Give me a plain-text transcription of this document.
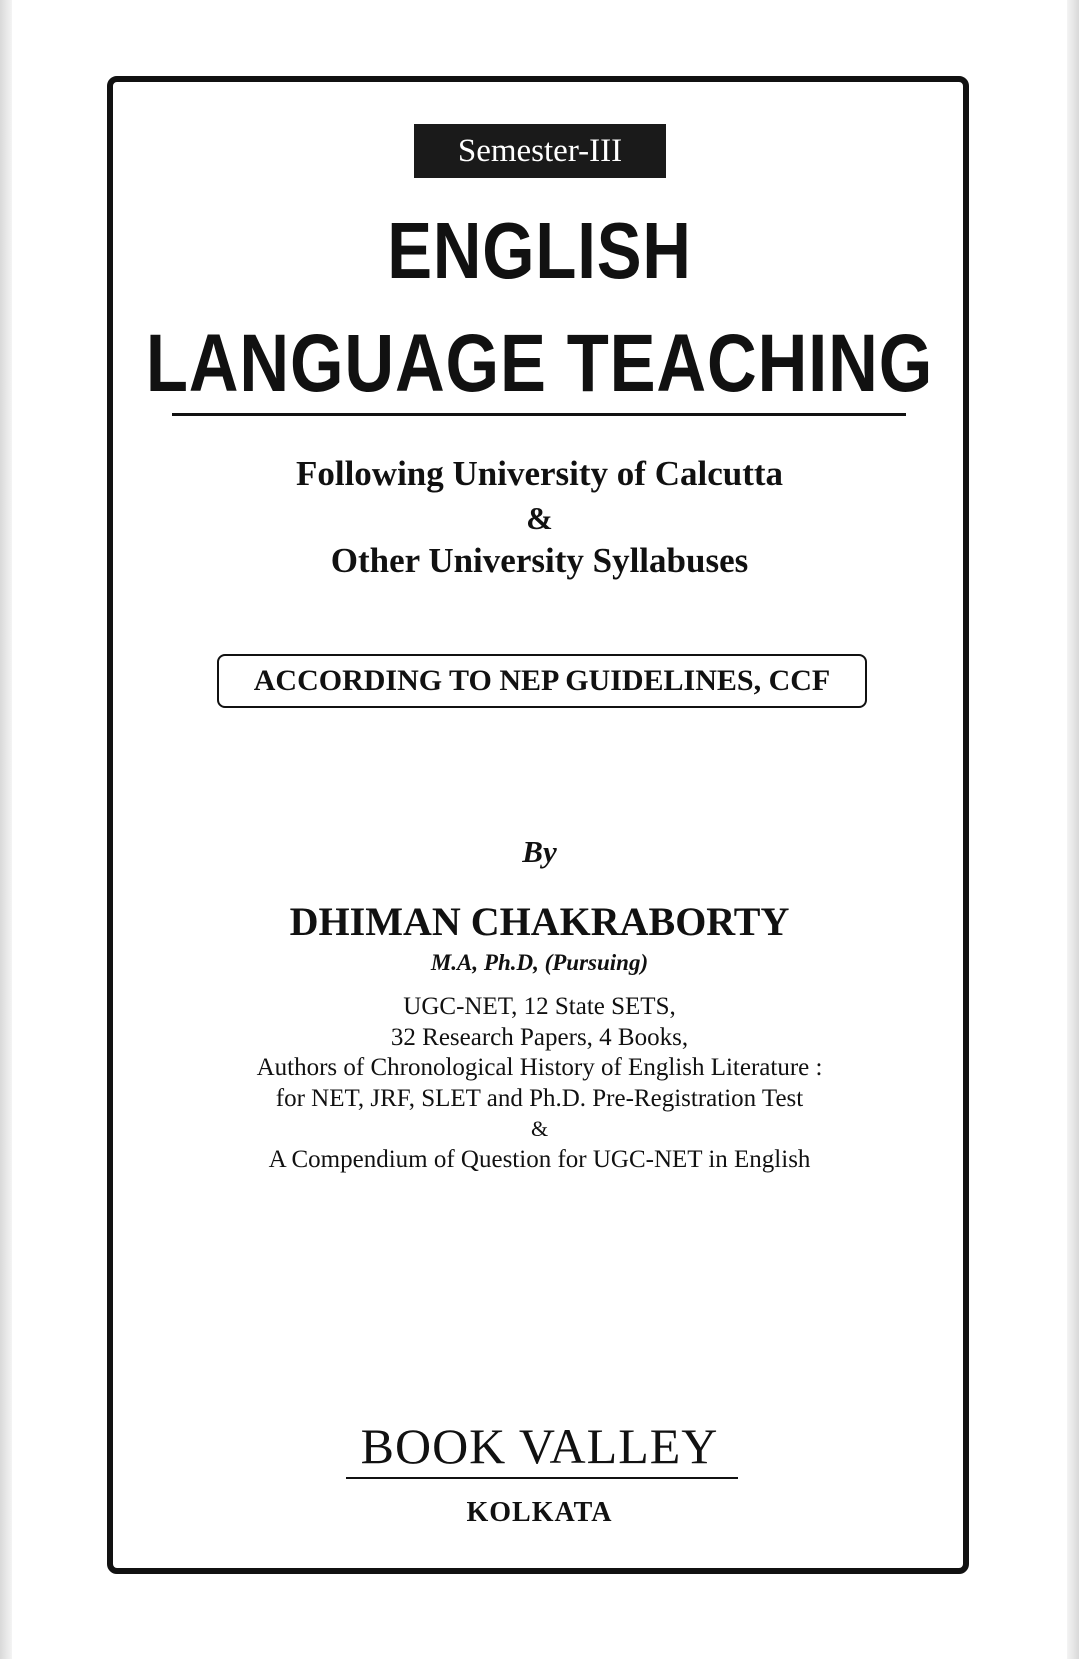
Semester-III
ENGLISH
LANGUAGE TEACHING
Following University of Calcutta
&
Other University Syllabuses
ACCORDING TO NEP GUIDELINES, CCF
By
DHIMAN CHAKRABORTY
M.A, Ph.D, (Pursuing)
UGC-NET, 12 State SETS,
32 Research Papers, 4 Books,
Authors of Chronological History of English Literature :
for NET, JRF, SLET and Ph.D. Pre-Registration Test
&
A Compendium of Question for UGC-NET in English
BOOK VALLEY
KOLKATA
